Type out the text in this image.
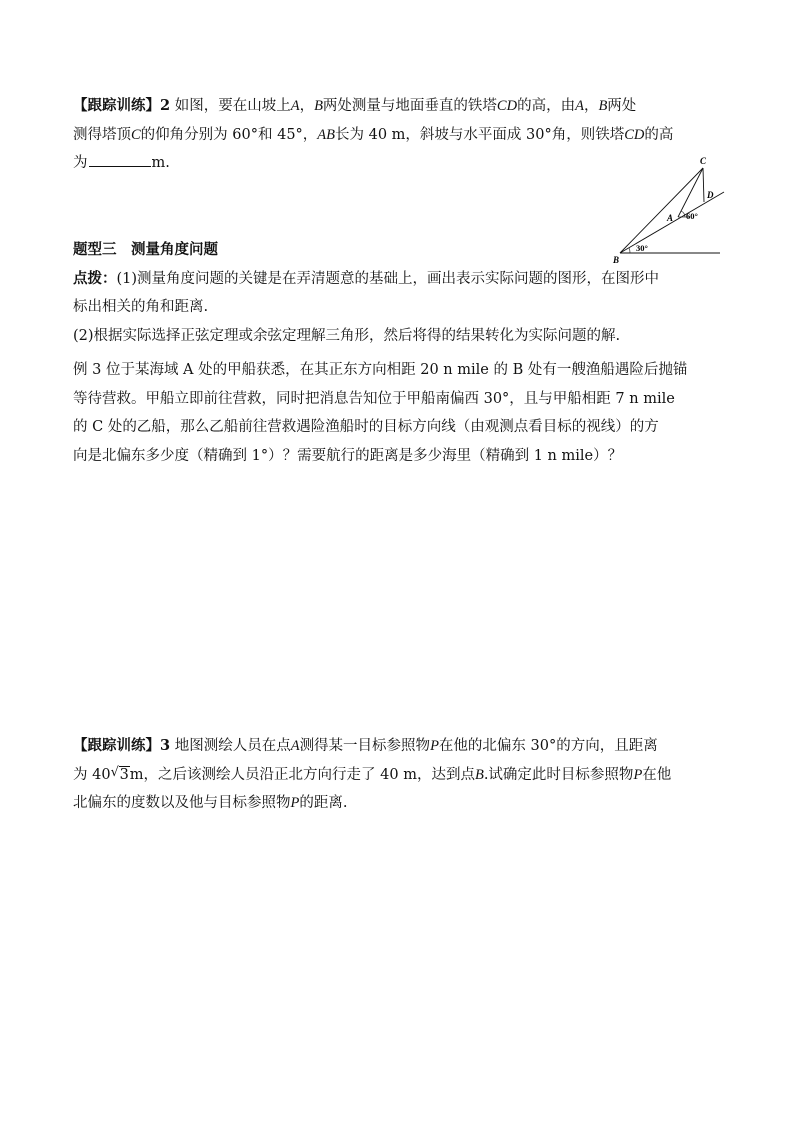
【跟踪训练】2 如图，要在山坡上A，B两处测量与地面垂直的铁塔CD的高，由A，B两处
测得塔顶C的仰角分别为 60°和 45°，AB长为 40 m，斜坡与水平面成 30°角，则铁塔CD的高
为	m.	C
D
A
B
60°
30°
题型三　测量角度问题
点拨：(1)测量角度问题的关键是在弄清题意的基础上，画出表示实际问题的图形，在图形中
标出相关的角和距离.
(2)根据实际选择正弦定理或余弦定理解三角形，然后将得的结果转化为实际问题的解.
例 3 位于某海域 A 处的甲船获悉，在其正东方向相距 20 n mile 的 B 处有一艘渔船遇险后抛锚
等待营救。甲船立即前往营救，同时把消息告知位于甲船南偏西 30°，且与甲船相距 7 n mile
的 C 处的乙船，那么乙船前往营救遇险渔船时的目标方向线（由观测点看目标的视线）的方
向是北偏东多少度（精确到 1°）？需要航行的距离是多少海里（精确到 1 n mile）？
【跟踪训练】3 地图测绘人员在点A测得某一目标参照物P在他的北偏东 30°的方向，且距离
为 40 √ 3m，之后该测绘人员沿正北方向行走了 40 m，达到点B.试确定此时目标参照物P在他
北偏东的度数以及他与目标参照物P的距离.
